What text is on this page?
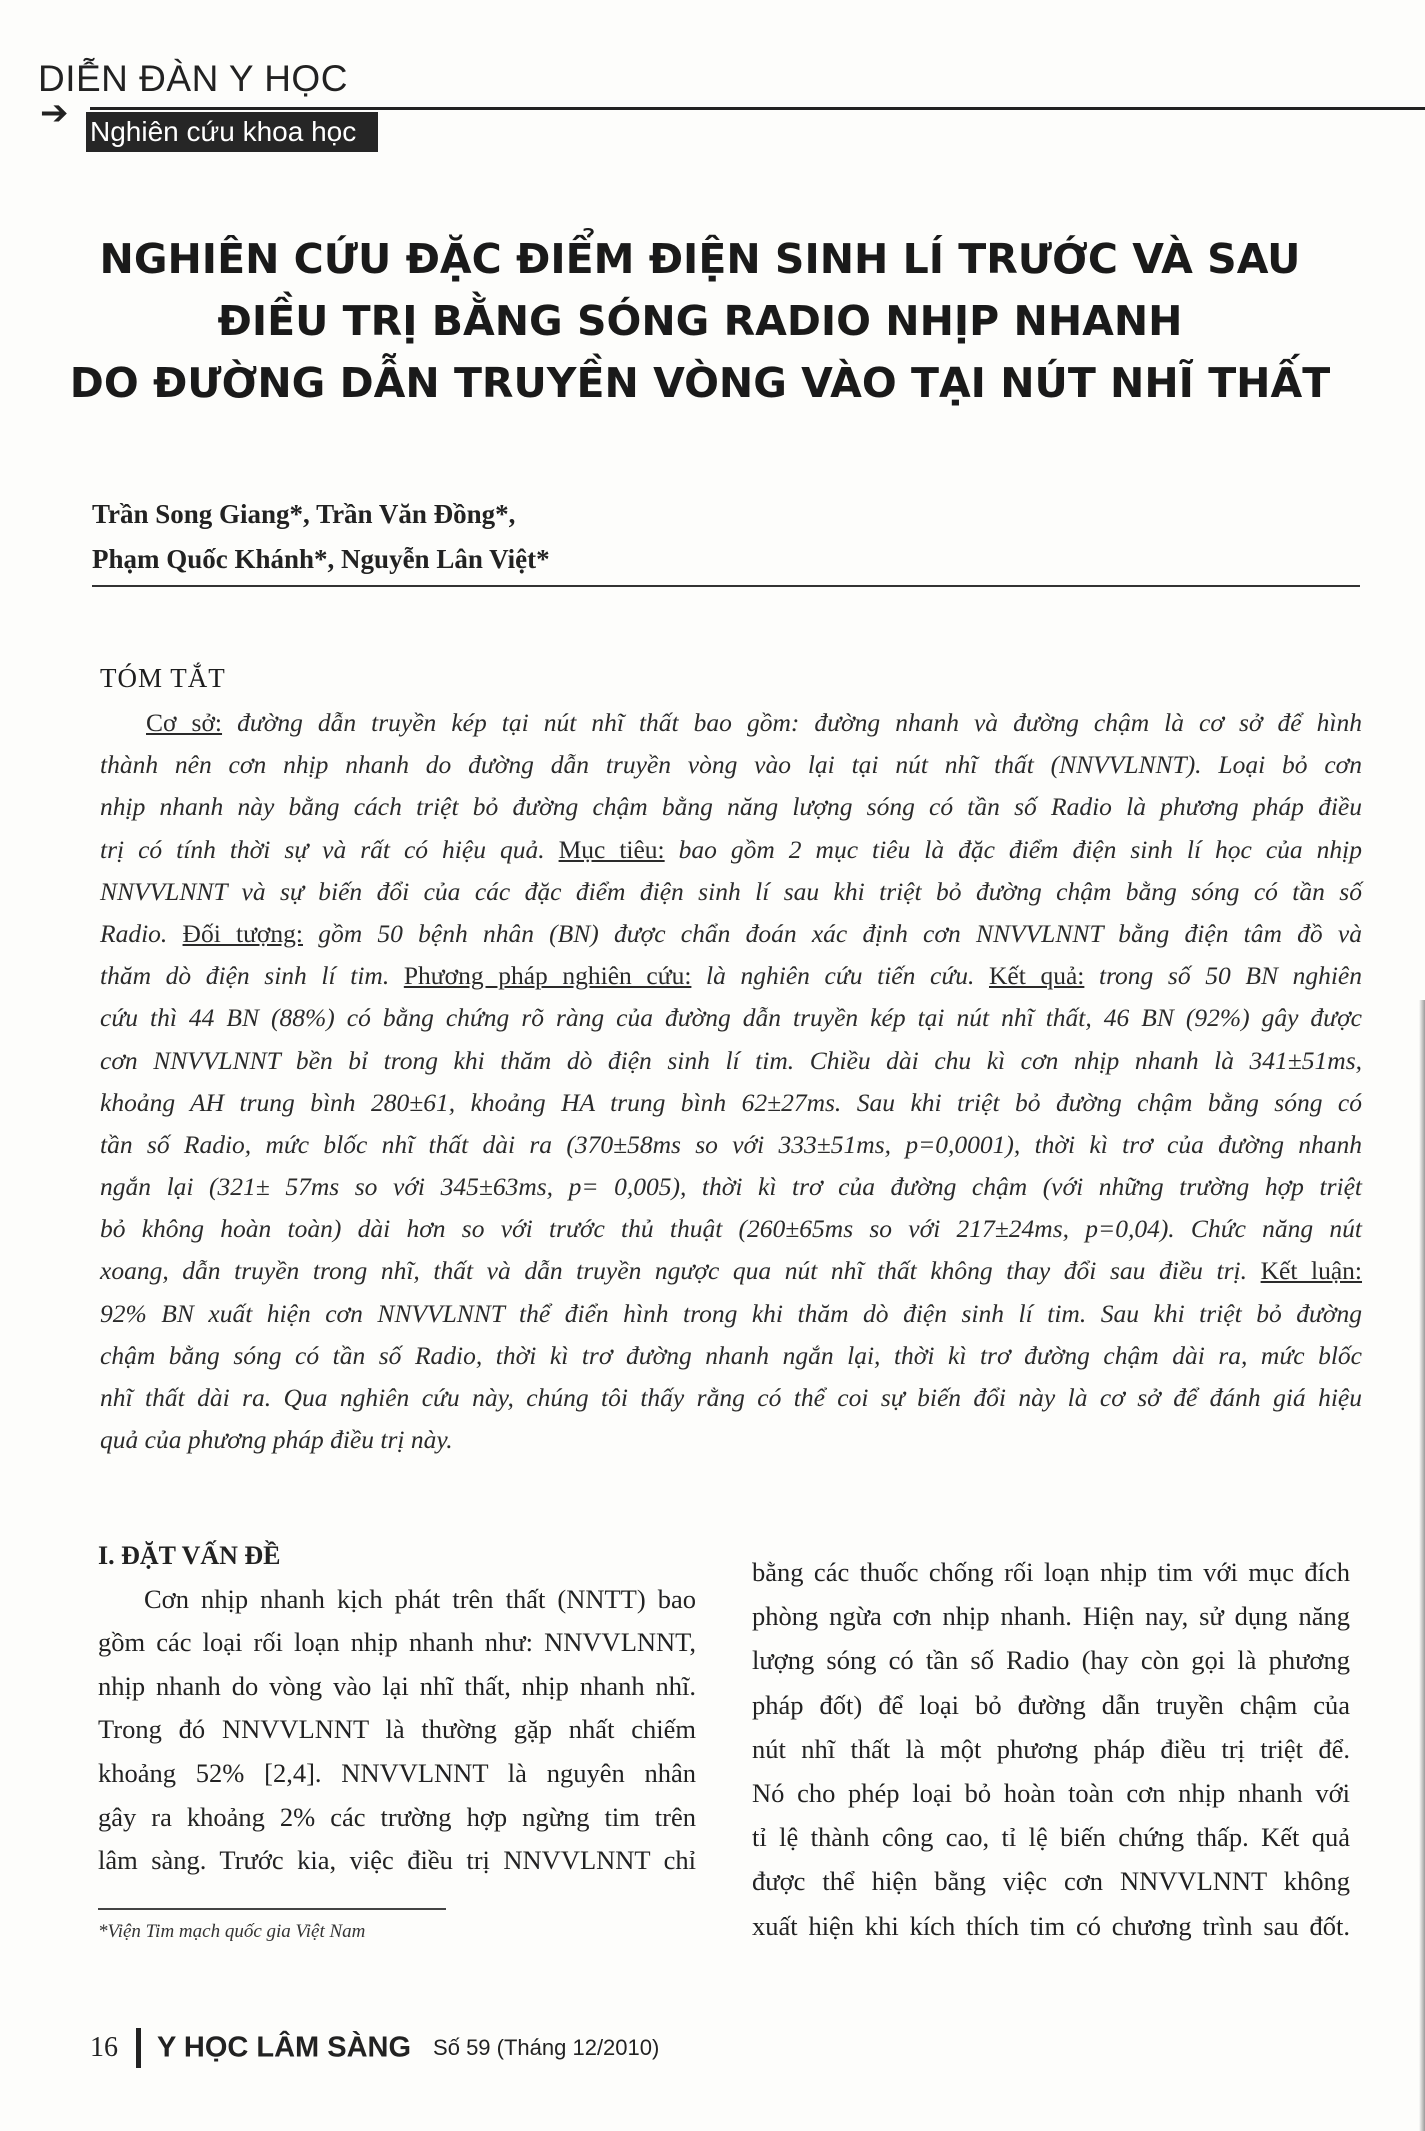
DIỄN ĐÀN Y HỌC
➔ Nghiên cứu khoa học
NGHIÊN CỨU ĐẶC ĐIỂM ĐIỆN SINH LÍ TRƯỚC VÀ SAU
ĐIỀU TRỊ BẰNG SÓNG RADIO NHỊP NHANH
DO ĐƯỜNG DẪN TRUYỀN VÒNG VÀO TẠI NÚT NHĨ THẤT
Trần Song Giang*, Trần Văn Đồng*,
Phạm Quốc Khánh*, Nguyễn Lân Việt*
TÓM TẮT
Cơ sở: đường dẫn truyền kép tại nút nhĩ thất bao gồm: đường nhanh và đường chậm là cơ sở để hình
thành nên cơn nhịp nhanh do đường dẫn truyền vòng vào lại tại nút nhĩ thất (NNVVLNNT). Loại bỏ cơn
nhịp nhanh này bằng cách triệt bỏ đường chậm bằng năng lượng sóng có tần số Radio là phương pháp điều
trị có tính thời sự và rất có hiệu quả. Mục tiêu: bao gồm 2 mục tiêu là đặc điểm điện sinh lí học của nhịp
NNVVLNNT và sự biến đổi của các đặc điểm điện sinh lí sau khi triệt bỏ đường chậm bằng sóng có tần số
Radio. Đối tượng: gồm 50 bệnh nhân (BN) được chẩn đoán xác định cơn NNVVLNNT bằng điện tâm đồ và
thăm dò điện sinh lí tim. Phương pháp nghiên cứu: là nghiên cứu tiến cứu. Kết quả: trong số 50 BN nghiên
cứu thì 44 BN (88%) có bằng chứng rõ ràng của đường dẫn truyền kép tại nút nhĩ thất, 46 BN (92%) gây được
cơn NNVVLNNT bền bỉ trong khi thăm dò điện sinh lí tim. Chiều dài chu kì cơn nhịp nhanh là 341±51ms,
khoảng AH trung bình 280±61, khoảng HA trung bình 62±27ms. Sau khi triệt bỏ đường chậm bằng sóng có
tần số Radio, mức blốc nhĩ thất dài ra (370±58ms so với 333±51ms, p=0,0001), thời kì trơ của đường nhanh
ngắn lại (321± 57ms so với 345±63ms, p= 0,005), thời kì trơ của đường chậm (với những trường hợp triệt
bỏ không hoàn toàn) dài hơn so với trước thủ thuật (260±65ms so với 217±24ms, p=0,04). Chức năng nút
xoang, dẫn truyền trong nhĩ, thất và dẫn truyền ngược qua nút nhĩ thất không thay đổi sau điều trị. Kết luận:
92% BN xuất hiện cơn NNVVLNNT thể điển hình trong khi thăm dò điện sinh lí tim. Sau khi triệt bỏ đường
chậm bằng sóng có tần số Radio, thời kì trơ đường nhanh ngắn lại, thời kì trơ đường chậm dài ra, mức blốc
nhĩ thất dài ra. Qua nghiên cứu này, chúng tôi thấy rằng có thể coi sự biến đổi này là cơ sở để đánh giá hiệu
quả của phương pháp điều trị này.
I. ĐẶT VẤN ĐỀ
Cơn nhịp nhanh kịch phát trên thất (NNTT) bao
gồm các loại rối loạn nhịp nhanh như: NNVVLNNT,
nhịp nhanh do vòng vào lại nhĩ thất, nhịp nhanh nhĩ.
Trong đó NNVVLNNT là thường gặp nhất chiếm
khoảng 52% [2,4]. NNVVLNNT là nguyên nhân
gây ra khoảng 2% các trường hợp ngừng tim trên
lâm sàng. Trước kia, việc điều trị NNVVLNNT chỉ
bằng các thuốc chống rối loạn nhịp tim với mục đích
phòng ngừa cơn nhịp nhanh. Hiện nay, sử dụng năng
lượng sóng có tần số Radio (hay còn gọi là phương
pháp đốt) để loại bỏ đường dẫn truyền chậm của
nút nhĩ thất là một phương pháp điều trị triệt để.
Nó cho phép loại bỏ hoàn toàn cơn nhịp nhanh với
tỉ lệ thành công cao, tỉ lệ biến chứng thấp. Kết quả
được thể hiện bằng việc cơn NNVVLNNT không
xuất hiện khi kích thích tim có chương trình sau đốt.
*Viện Tim mạch quốc gia Việt Nam
16 Y HỌC LÂM SÀNG Số 59 (Tháng 12/2010)
